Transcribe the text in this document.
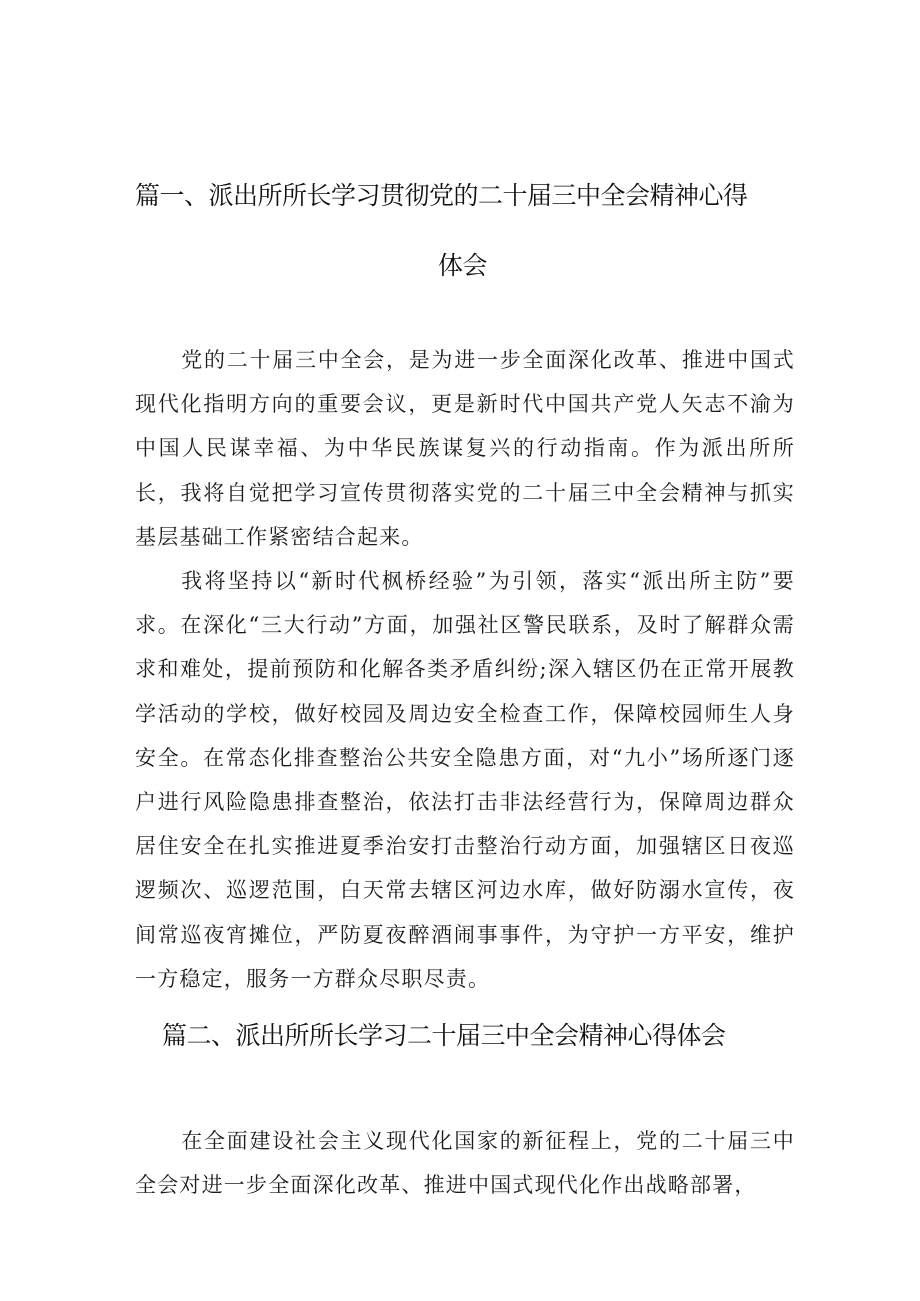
篇一、派出所所长学习贯彻党的二十届三中全会精神心得
体会

党的二十届三中全会，是为进一步全面深化改革、推进中国式现代化指明方向的重要会议，更是新时代中国共产党人矢志不渝为中国人民谋幸福、为中华民族谋复兴的行动指南。作为派出所所长，我将自觉把学习宣传贯彻落实党的二十届三中全会精神与抓实基层基础工作紧密结合起来。

我将坚持以“新时代枫桥经验”为引领，落实“派出所主防”要求。在深化“三大行动”方面，加强社区警民联系，及时了解群众需求和难处，提前预防和化解各类矛盾纠纷;深入辖区仍在正常开展教学活动的学校，做好校园及周边安全检查工作，保障校园师生人身安全。在常态化排查整治公共安全隐患方面，对“九小”场所逐门逐户进行风险隐患排查整治，依法打击非法经营行为，保障周边群众居住安全在扎实推进夏季治安打击整治行动方面，加强辖区日夜巡逻频次、巡逻范围，白天常去辖区河边水库，做好防溺水宣传，夜间常巡夜宵摊位，严防夏夜醉酒闹事事件，为守护一方平安，维护一方稳定，服务一方群众尽职尽责。

篇二、派出所所长学习二十届三中全会精神心得体会

在全面建设社会主义现代化国家的新征程上，党的二十届三中全会对进一步全面深化改革、推进中国式现代化作出战略部署，
